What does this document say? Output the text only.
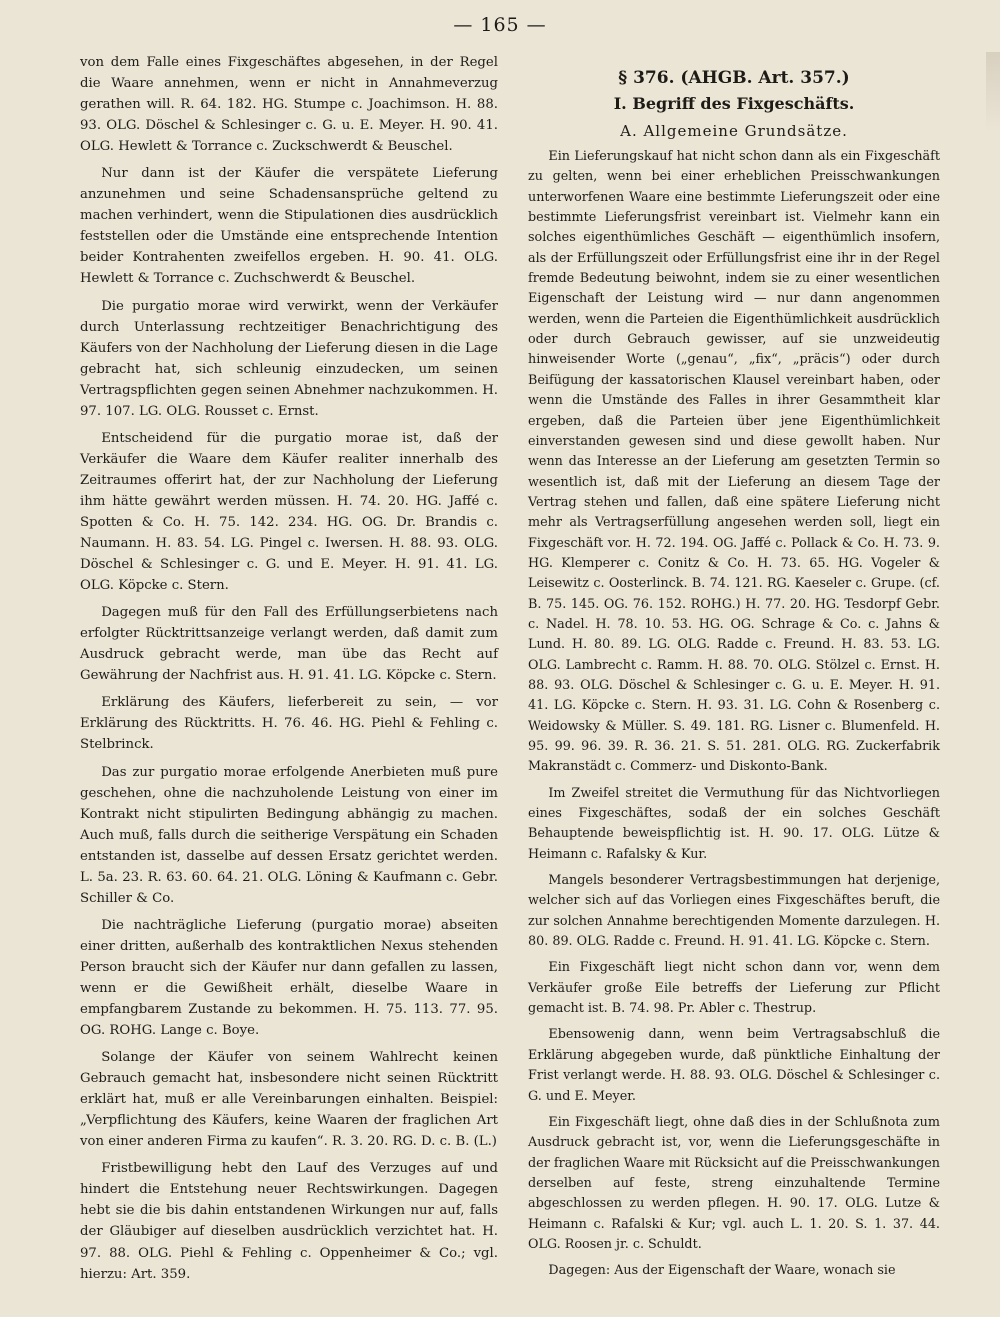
— 165 —

von dem Falle eines Fixgeschäftes abgesehen, in der Regel die Waare annehmen, wenn er nicht in Annahmeverzug gerathen will. R. 64. 182. HG. Stumpe c. Joachimson. H. 88. 93. OLG. Döschel & Schlesinger c. G. u. E. Meyer. H. 90. 41. OLG. Hewlett & Torrance c. Zuckschwerdt & Beuschel.

Nur dann ist der Käufer die verspätete Lieferung anzunehmen und seine Schadensansprüche geltend zu machen verhindert, wenn die Stipulationen dies ausdrücklich feststellen oder die Umstände eine entsprechende Intention beider Kontrahenten zweifellos ergeben. H. 90. 41. OLG. Hewlett & Torrance c. Zuchschwerdt & Beuschel.

Die purgatio morae wird verwirkt, wenn der Verkäufer durch Unterlassung rechtzeitiger Benachrichtigung des Käufers von der Nachholung der Lieferung diesen in die Lage gebracht hat, sich schleunig einzudecken, um seinen Vertragspflichten gegen seinen Abnehmer nachzukommen. H. 97. 107. LG. OLG. Rousset c. Ernst.

Entscheidend für die purgatio morae ist, daß der Verkäufer die Waare dem Käufer realiter innerhalb des Zeitraumes offerirt hat, der zur Nachholung der Lieferung ihm hätte gewährt werden müssen. H. 74. 20. HG. Jaffé c. Spotten & Co. H. 75. 142. 234. HG. OG. Dr. Brandis c. Naumann. H. 83. 54. LG. Pingel c. Iwersen. H. 88. 93. OLG. Döschel & Schlesinger c. G. und E. Meyer. H. 91. 41. LG. OLG. Köpcke c. Stern.

Dagegen muß für den Fall des Erfüllungserbietens nach erfolgter Rücktrittsanzeige verlangt werden, daß damit zum Ausdruck gebracht werde, man übe das Recht auf Gewährung der Nachfrist aus. H. 91. 41. LG. Köpcke c. Stern.

Erklärung des Käufers, lieferbereit zu sein, — vor Erklärung des Rücktritts. H. 76. 46. HG. Piehl & Fehling c. Stelbrinck.

Das zur purgatio morae erfolgende Anerbieten muß pure geschehen, ohne die nachzuholende Leistung von einer im Kontrakt nicht stipulirten Bedingung abhängig zu machen. Auch muß, falls durch die seitherige Verspätung ein Schaden entstanden ist, dasselbe auf dessen Ersatz gerichtet werden. L. 5a. 23. R. 63. 60. 64. 21. OLG. Löning & Kaufmann c. Gebr. Schiller & Co.

Die nachträgliche Lieferung (purgatio morae) abseiten einer dritten, außerhalb des kontraktlichen Nexus stehenden Person braucht sich der Käufer nur dann gefallen zu lassen, wenn er die Gewißheit erhält, dieselbe Waare in empfangbarem Zustande zu bekommen. H. 75. 113. 77. 95. OG. ROHG. Lange c. Boye.

Solange der Käufer von seinem Wahlrecht keinen Gebrauch gemacht hat, insbesondere nicht seinen Rücktritt erklärt hat, muß er alle Vereinbarungen einhalten. Beispiel: „Verpflichtung des Käufers, keine Waaren der fraglichen Art von einer anderen Firma zu kaufen“. R. 3. 20. RG. D. c. B. (L.)

Fristbewilligung hebt den Lauf des Verzuges auf und hindert die Entstehung neuer Rechtswirkungen. Dagegen hebt sie die bis dahin entstandenen Wirkungen nur auf, falls der Gläubiger auf dieselben ausdrücklich verzichtet hat. H. 97. 88. OLG. Piehl & Fehling c. Oppenheimer & Co.; vgl. hierzu: Art. 359.

§ 376. (AHGB. Art. 357.)

I. Begriff des Fixgeschäfts.

A. Allgemeine Grundsätze.

Ein Lieferungskauf hat nicht schon dann als ein Fixgeschäft zu gelten, wenn bei einer erheblichen Preisschwankungen unterworfenen Waare eine bestimmte Lieferungszeit oder eine bestimmte Lieferungsfrist vereinbart ist. Vielmehr kann ein solches eigenthümliches Geschäft — eigenthümlich insofern, als der Erfüllungszeit oder Erfüllungsfrist eine ihr in der Regel fremde Bedeutung beiwohnt, indem sie zu einer wesentlichen Eigenschaft der Leistung wird — nur dann angenommen werden, wenn die Parteien die Eigenthümlichkeit ausdrücklich oder durch Gebrauch gewisser, auf sie unzweideutig hinweisender Worte („genau“, „fix“, „präcis“) oder durch Beifügung der kassatorischen Klausel vereinbart haben, oder wenn die Umstände des Falles in ihrer Gesammtheit klar ergeben, daß die Parteien über jene Eigenthümlichkeit einverstanden gewesen sind und diese gewollt haben. Nur wenn das Interesse an der Lieferung am gesetzten Termin so wesentlich ist, daß mit der Lieferung an diesem Tage der Vertrag stehen und fallen, daß eine spätere Lieferung nicht mehr als Vertragserfüllung angesehen werden soll, liegt ein Fixgeschäft vor. H. 72. 194. OG. Jaffé c. Pollack & Co. H. 73. 9. HG. Klemperer c. Conitz & Co. H. 73. 65. HG. Vogeler & Leisewitz c. Oosterlinck. B. 74. 121. RG. Kaeseler c. Grupe. (cf. B. 75. 145. OG. 76. 152. ROHG.) H. 77. 20. HG. Tesdorpf Gebr. c. Nadel. H. 78. 10. 53. HG. OG. Schrage & Co. c. Jahns & Lund. H. 80. 89. LG. OLG. Radde c. Freund. H. 83. 53. LG. OLG. Lambrecht c. Ramm. H. 88. 70. OLG. Stölzel c. Ernst. H. 88. 93. OLG. Döschel & Schlesinger c. G. u. E. Meyer. H. 91. 41. LG. Köpcke c. Stern. H. 93. 31. LG. Cohn & Rosenberg c. Weidowsky & Müller. S. 49. 181. RG. Lisner c. Blumenfeld. H. 95. 99. 96. 39. R. 36. 21. S. 51. 281. OLG. RG. Zuckerfabrik Makranstädt c. Commerz- und Diskonto-Bank.

Im Zweifel streitet die Vermuthung für das Nichtvorliegen eines Fixgeschäftes, sodaß der ein solches Geschäft Behauptende beweispflichtig ist. H. 90. 17. OLG. Lütze & Heimann c. Rafalsky & Kur.

Mangels besonderer Vertragsbestimmungen hat derjenige, welcher sich auf das Vorliegen eines Fixgeschäftes beruft, die zur solchen Annahme berechtigenden Momente darzulegen. H. 80. 89. OLG. Radde c. Freund. H. 91. 41. LG. Köpcke c. Stern.

Ein Fixgeschäft liegt nicht schon dann vor, wenn dem Verkäufer große Eile betreffs der Lieferung zur Pflicht gemacht ist. B. 74. 98. Pr. Abler c. Thestrup.

Ebensowenig dann, wenn beim Vertragsabschluß die Erklärung abgegeben wurde, daß pünktliche Einhaltung der Frist verlangt werde. H. 88. 93. OLG. Döschel & Schlesinger c. G. und E. Meyer.

Ein Fixgeschäft liegt, ohne daß dies in der Schlußnota zum Ausdruck gebracht ist, vor, wenn die Lieferungsgeschäfte in der fraglichen Waare mit Rücksicht auf die Preisschwankungen derselben auf feste, streng einzuhaltende Termine abgeschlossen zu werden pflegen. H. 90. 17. OLG. Lutze & Heimann c. Rafalski & Kur; vgl. auch L. 1. 20. S. 1. 37. 44. OLG. Roosen jr. c. Schuldt.

Dagegen: Aus der Eigenschaft der Waare, wonach sie
